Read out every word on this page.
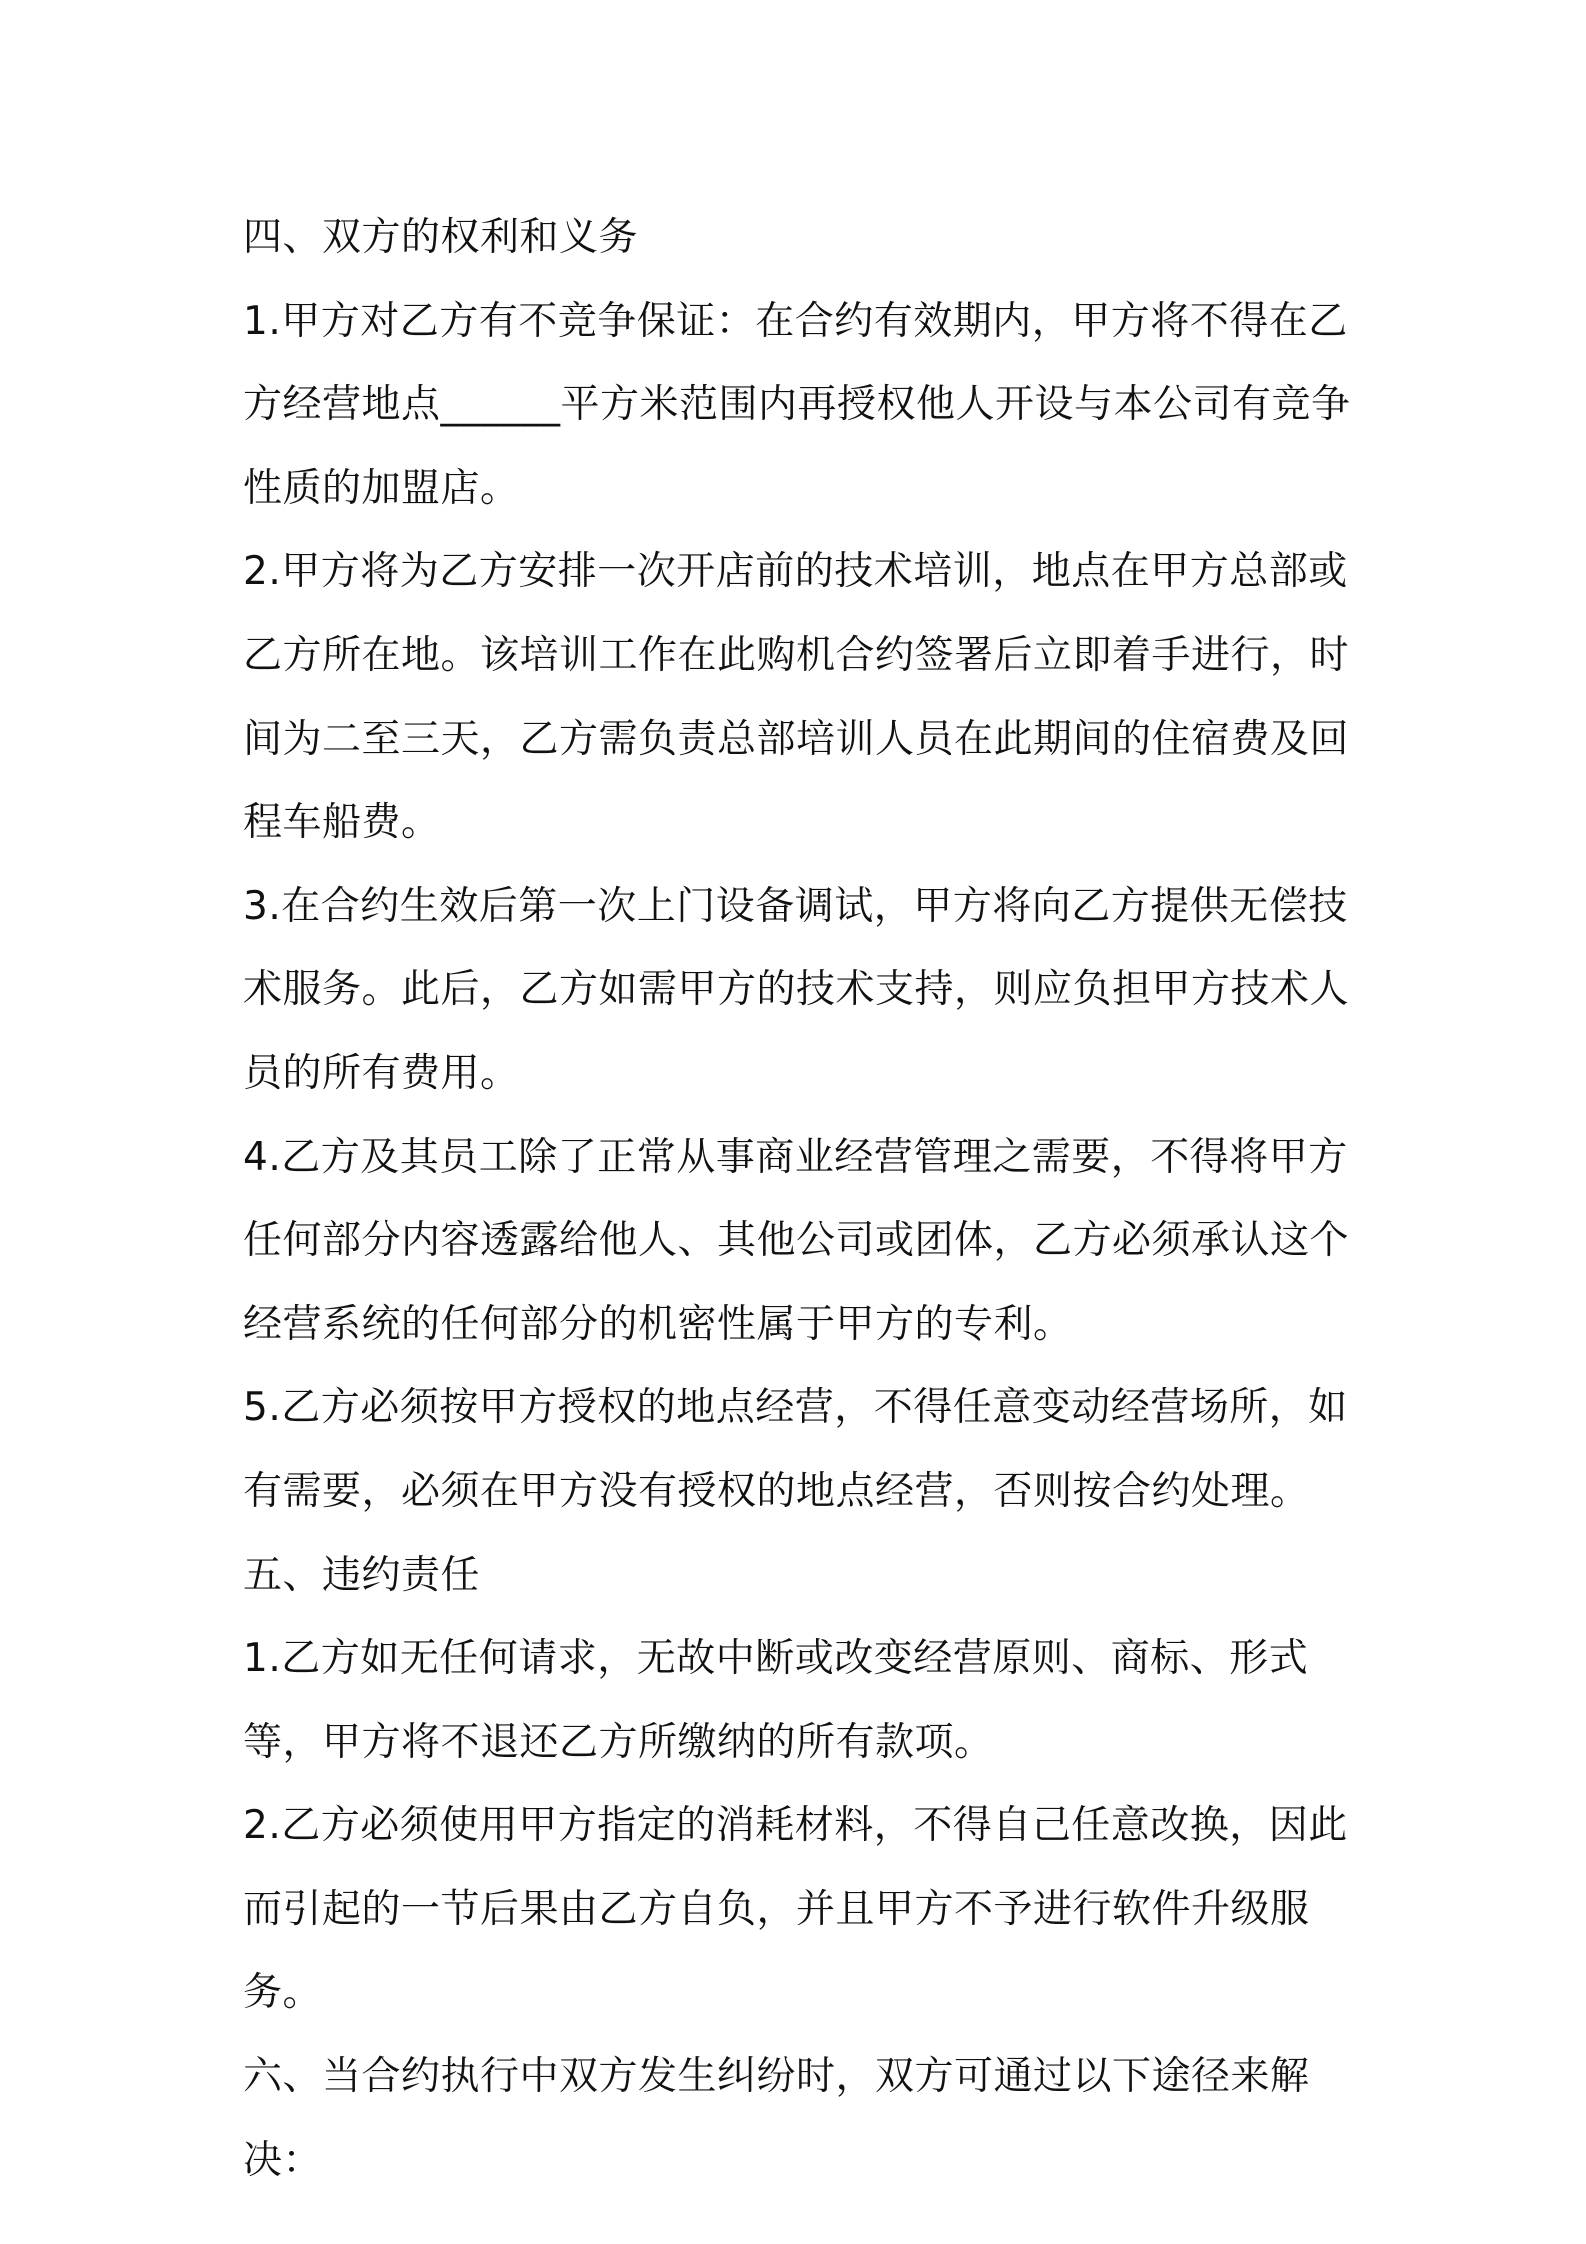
四、双方的权利和义务

1.甲方对乙方有不竞争保证：在合约有效期内，甲方将不得在乙方经营地点______平方米范围内再授权他人开设与本公司有竞争性质的加盟店。

2.甲方将为乙方安排一次开店前的技术培训，地点在甲方总部或乙方所在地。该培训工作在此购机合约签署后立即着手进行，时间为二至三天，乙方需负责总部培训人员在此期间的住宿费及回程车船费。

3.在合约生效后第一次上门设备调试，甲方将向乙方提供无偿技术服务。此后，乙方如需甲方的技术支持，则应负担甲方技术人员的所有费用。

4.乙方及其员工除了正常从事商业经营管理之需要，不得将甲方任何部分内容透露给他人、其他公司或团体，乙方必须承认这个经营系统的任何部分的机密性属于甲方的专利。

5.乙方必须按甲方授权的地点经营，不得任意变动经营场所，如有需要，必须在甲方没有授权的地点经营，否则按合约处理。

五、违约责任

1.乙方如无任何请求，无故中断或改变经营原则、商标、形式等，甲方将不退还乙方所缴纳的所有款项。

2.乙方必须使用甲方指定的消耗材料，不得自己任意改换，因此而引起的一节后果由乙方自负，并且甲方不予进行软件升级服务。

六、当合约执行中双方发生纠纷时，双方可通过以下途径来解决：
